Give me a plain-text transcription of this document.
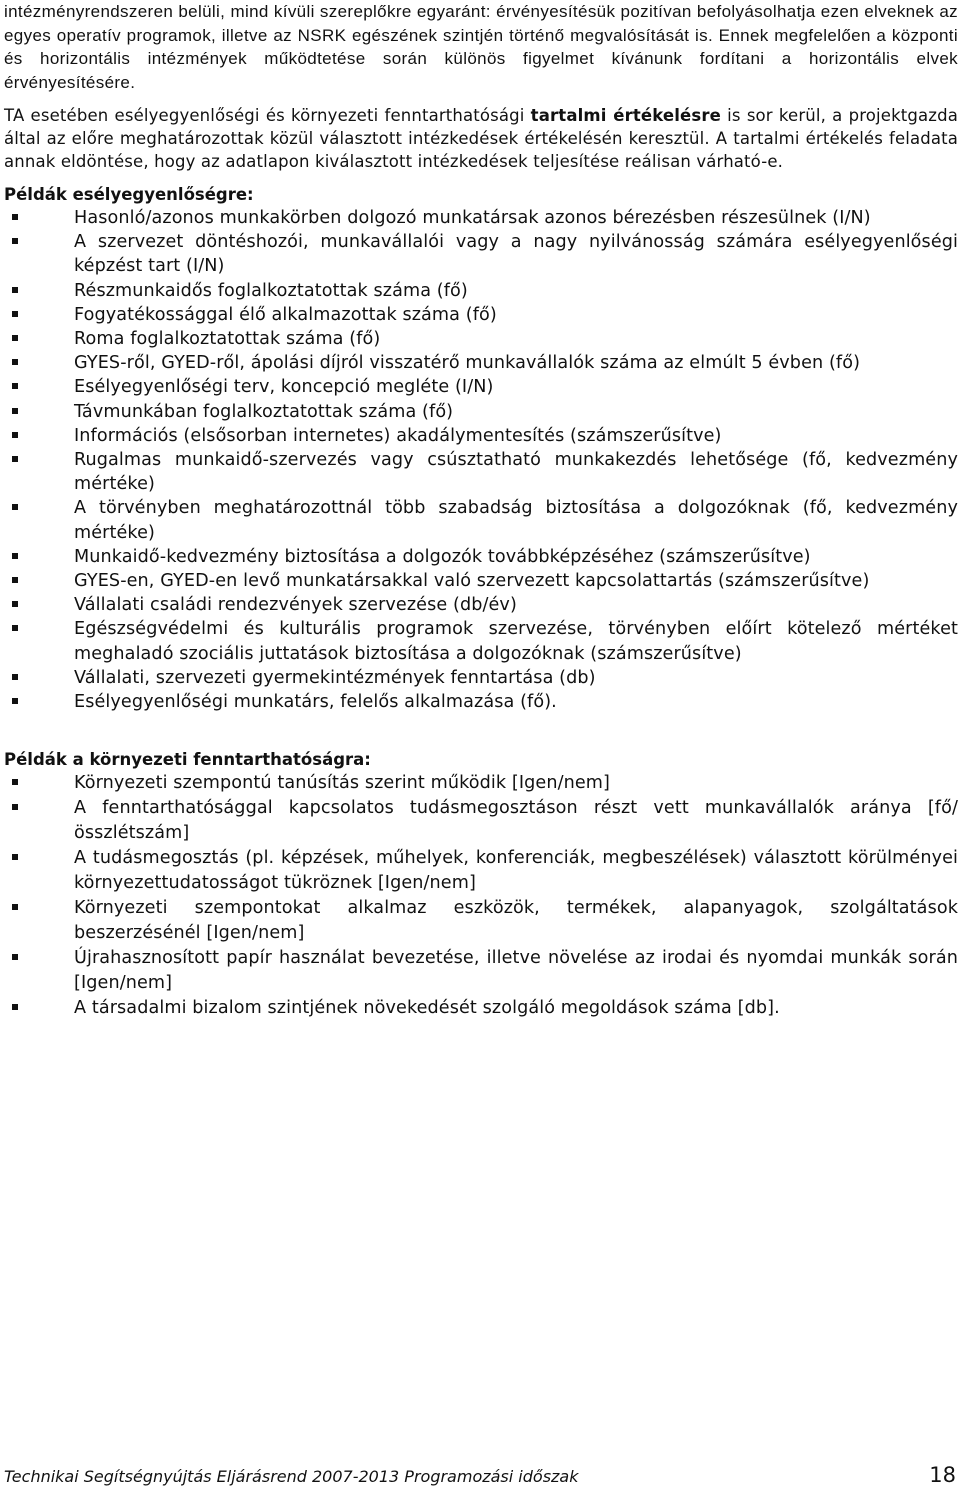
intézményrendszeren belüli, mind kívüli szereplőkre egyaránt: érvényesítésük pozitívan befolyásolhatja ezen elveknek az egyes operatív programok, illetve az NSRK egészének szintjén történő megvalósítását is. Ennek megfelelően a központi és horizontális intézmények működtetése során különös figyelmet kívánunk fordítani a horizontális elvek érvényesítésére.

TA esetében esélyegyenlőségi és környezeti fenntarthatósági tartalmi értékelésre is sor kerül, a projektgazda által az előre meghatározottak közül választott intézkedések értékelésén keresztül. A tartalmi értékelés feladata annak eldöntése, hogy az adatlapon kiválasztott intézkedések teljesítése reálisan várható-e.

Példák esélyegyenlőségre:

Hasonló/azonos munkakörben dolgozó munkatársak azonos bérezésben részesülnek (I/N)
A szervezet döntéshozói, munkavállalói vagy a nagy nyilvánosság számára esélyegyenlőségi képzést tart (I/N)
Részmunkaidős foglalkoztatottak száma (fő)
Fogyatékossággal élő alkalmazottak száma (fő)
Roma foglalkoztatottak száma (fő)
GYES-ről, GYED-ről, ápolási díjról visszatérő munkavállalók száma az elmúlt 5 évben (fő)
Esélyegyenlőségi terv, koncepció megléte (I/N)
Távmunkában foglalkoztatottak száma (fő)
Információs (elsősorban internetes) akadálymentesítés (számszerűsítve)
Rugalmas munkaidő-szervezés vagy csúsztatható munkakezdés lehetősége (fő, kedvezmény mértéke)
A törvényben meghatározottnál több szabadság biztosítása a dolgozóknak (fő, kedvezmény mértéke)
Munkaidő-kedvezmény biztosítása a dolgozók továbbképzéséhez (számszerűsítve)
GYES-en, GYED-en levő munkatársakkal való szervezett kapcsolattartás (számszerűsítve)
Vállalati családi rendezvények szervezése (db/év)
Egészségvédelmi és kulturális programok szervezése, törvényben előírt kötelező mértéket meghaladó szociális juttatások biztosítása a dolgozóknak (számszerűsítve)
Vállalati, szervezeti gyermekintézmények fenntartása (db)
Esélyegyenlőségi munkatárs, felelős alkalmazása (fő).

Példák a környezeti fenntarthatóságra:

Környezeti szempontú tanúsítás szerint működik [Igen/nem]
A fenntarthatósággal kapcsolatos tudásmegosztáson részt vett munkavállalók aránya [fő/összlétszám]
A tudásmegosztás (pl. képzések, műhelyek, konferenciák, megbeszélések) választott körülményei környezettudatosságot tükröznek [Igen/nem]
Környezeti szempontokat alkalmaz eszközök, termékek, alapanyagok, szolgáltatások beszerzésénél [Igen/nem]
Újrahasznosított papír használat bevezetése, illetve növelése az irodai és nyomdai munkák során [Igen/nem]
A társadalmi bizalom szintjének növekedését szolgáló megoldások száma [db].
Technikai Segítségnyújtás Eljárásrend 2007-2013 Programozási időszak	18
